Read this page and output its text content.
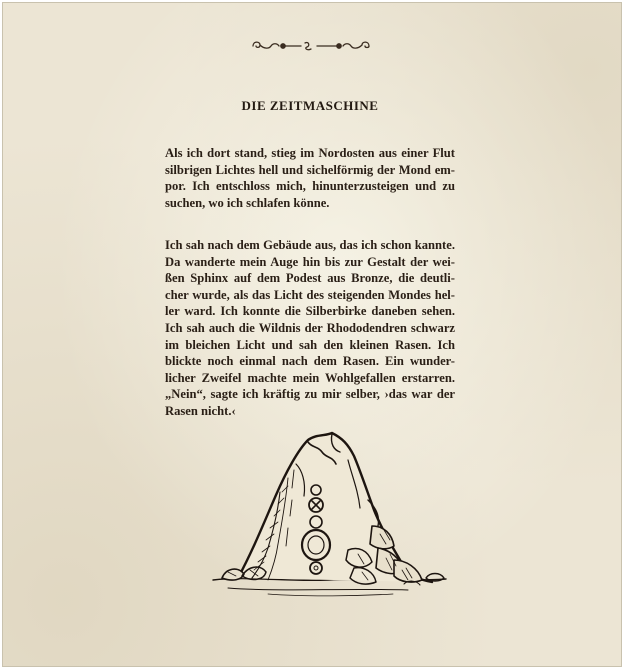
DIE ZEITMASCHINE

Als ich dort stand, stieg im Nordosten aus einer Flut
silbrigen Lichtes hell und sichelförmig der Mond em-
por. Ich entschloss mich, hinunterzusteigen und zu
suchen, wo ich schlafen könne.

Ich sah nach dem Gebäude aus, das ich schon kannte.
Da wanderte mein Auge hin bis zur Gestalt der wei-
ßen Sphinx auf dem Podest aus Bronze, die deutli-
cher wurde, als das Licht des steigenden Mondes hel-
ler ward. Ich konnte die Silberbirke daneben sehen.
Ich sah auch die Wildnis der Rhododendren schwarz
im bleichen Licht und sah den kleinen Rasen. Ich
blickte noch einmal nach dem Rasen. Ein wunder-
licher Zweifel machte mein Wohlgefallen erstarren.
„Nein“, sagte ich kräftig zu mir selber, ›das war der
Rasen nicht.‹
